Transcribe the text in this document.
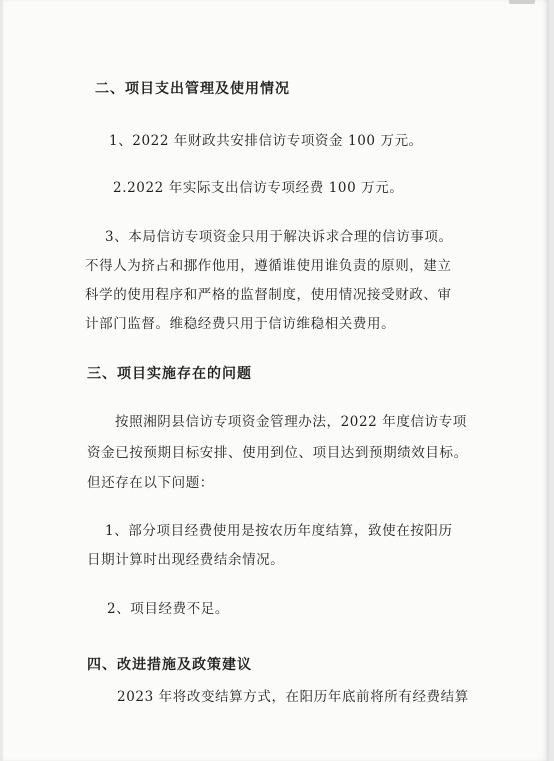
二、项目支出管理及使用情况
1、2022 年财政共安排信访专项资金 100 万元。
2.2022 年实际支出信访专项经费 100 万元。
3、本局信访专项资金只用于解决诉求合理的信访事项。
不得人为挤占和挪作他用，遵循谁使用谁负责的原则，建立
科学的使用程序和严格的监督制度，使用情况接受财政、审
计部门监督。维稳经费只用于信访维稳相关费用。
三、项目实施存在的问题
按照湘阴县信访专项资金管理办法，2022 年度信访专项
资金已按预期目标安排、使用到位、项目达到预期绩效目标。
但还存在以下问题：
1、部分项目经费使用是按农历年度结算，致使在按阳历
日期计算时出现经费结余情况。
2、项目经费不足。
四、改进措施及政策建议
2023 年将改变结算方式，在阳历年底前将所有经费结算
